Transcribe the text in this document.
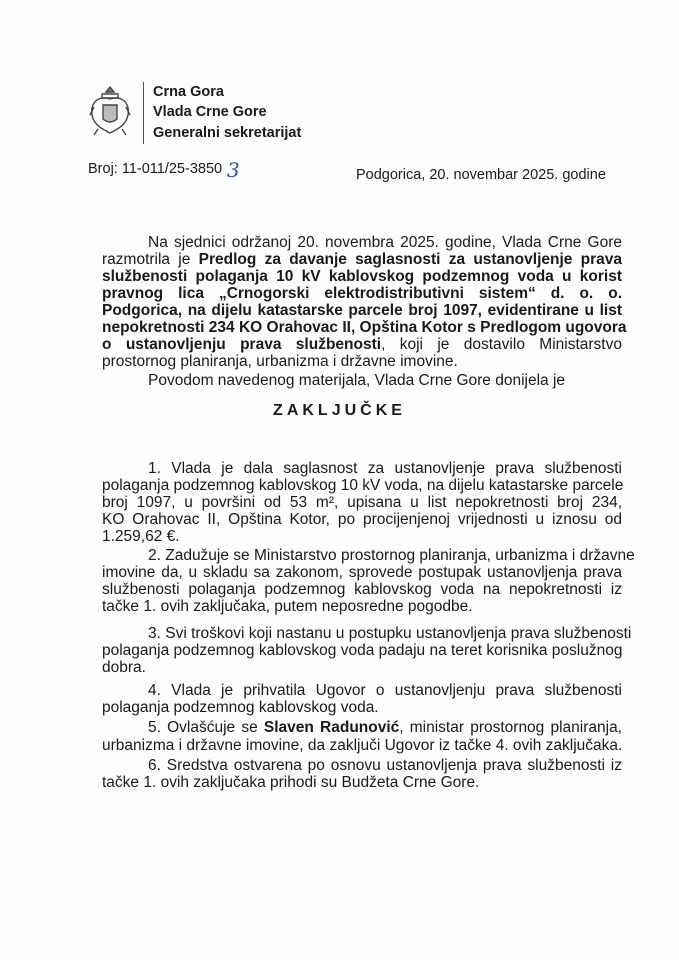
Crna Gora
Vlada Crne Gore
Generalni sekretarijat
Broj: 11-011/25-3850 3	Podgorica, 20. novembar 2025. godine
Na sjednici održanoj 20. novembra 2025. godine, Vlada Crne Gore
razmotrila je Predlog za davanje saglasnosti za ustanovljenje prava
službenosti polaganja 10 kV kablovskog podzemnog voda u korist
pravnog lica „Crnogorski elektrodistributivni sistem“ d. o. o.
Podgorica, na dijelu katastarske parcele broj 1097, evidentirane u list
nepokretnosti 234 KO Orahovac II, Opština Kotor s Predlogom ugovora
o ustanovljenju prava službenosti, koji je dostavilo Ministarstvo
prostornog planiranja, urbanizma i državne imovine.
Povodom navedenog materijala, Vlada Crne Gore donijela je
ZAKLJUČKE
1. Vlada je dala saglasnost za ustanovljenje prava službenosti
polaganja podzemnog kablovskog 10 kV voda, na dijelu katastarske parcele
broj 1097, u površini od 53 m², upisana u list nepokretnosti broj 234,
KO Orahovac II, Opština Kotor, po procijenjenoj vrijednosti u iznosu od
1.259,62 €.
2. Zadužuje se Ministarstvo prostornog planiranja, urbanizma i državne
imovine da, u skladu sa zakonom, sprovede postupak ustanovljenja prava
službenosti polaganja podzemnog kablovskog voda na nepokretnosti iz
tačke 1. ovih zaključaka, putem neposredne pogodbe.
3. Svi troškovi koji nastanu u postupku ustanovljenja prava službenosti
polaganja podzemnog kablovskog voda padaju na teret korisnika poslužnog
dobra.
4. Vlada je prihvatila Ugovor o ustanovljenju prava službenosti
polaganja podzemnog kablovskog voda.
5. Ovlašćuje se Slaven Radunović, ministar prostornog planiranja,
urbanizma i državne imovine, da zaključi Ugovor iz tačke 4. ovih zaključaka.
6. Sredstva ostvarena po osnovu ustanovljenja prava službenosti iz
tačke 1. ovih zaključaka prihodi su Budžeta Crne Gore.
